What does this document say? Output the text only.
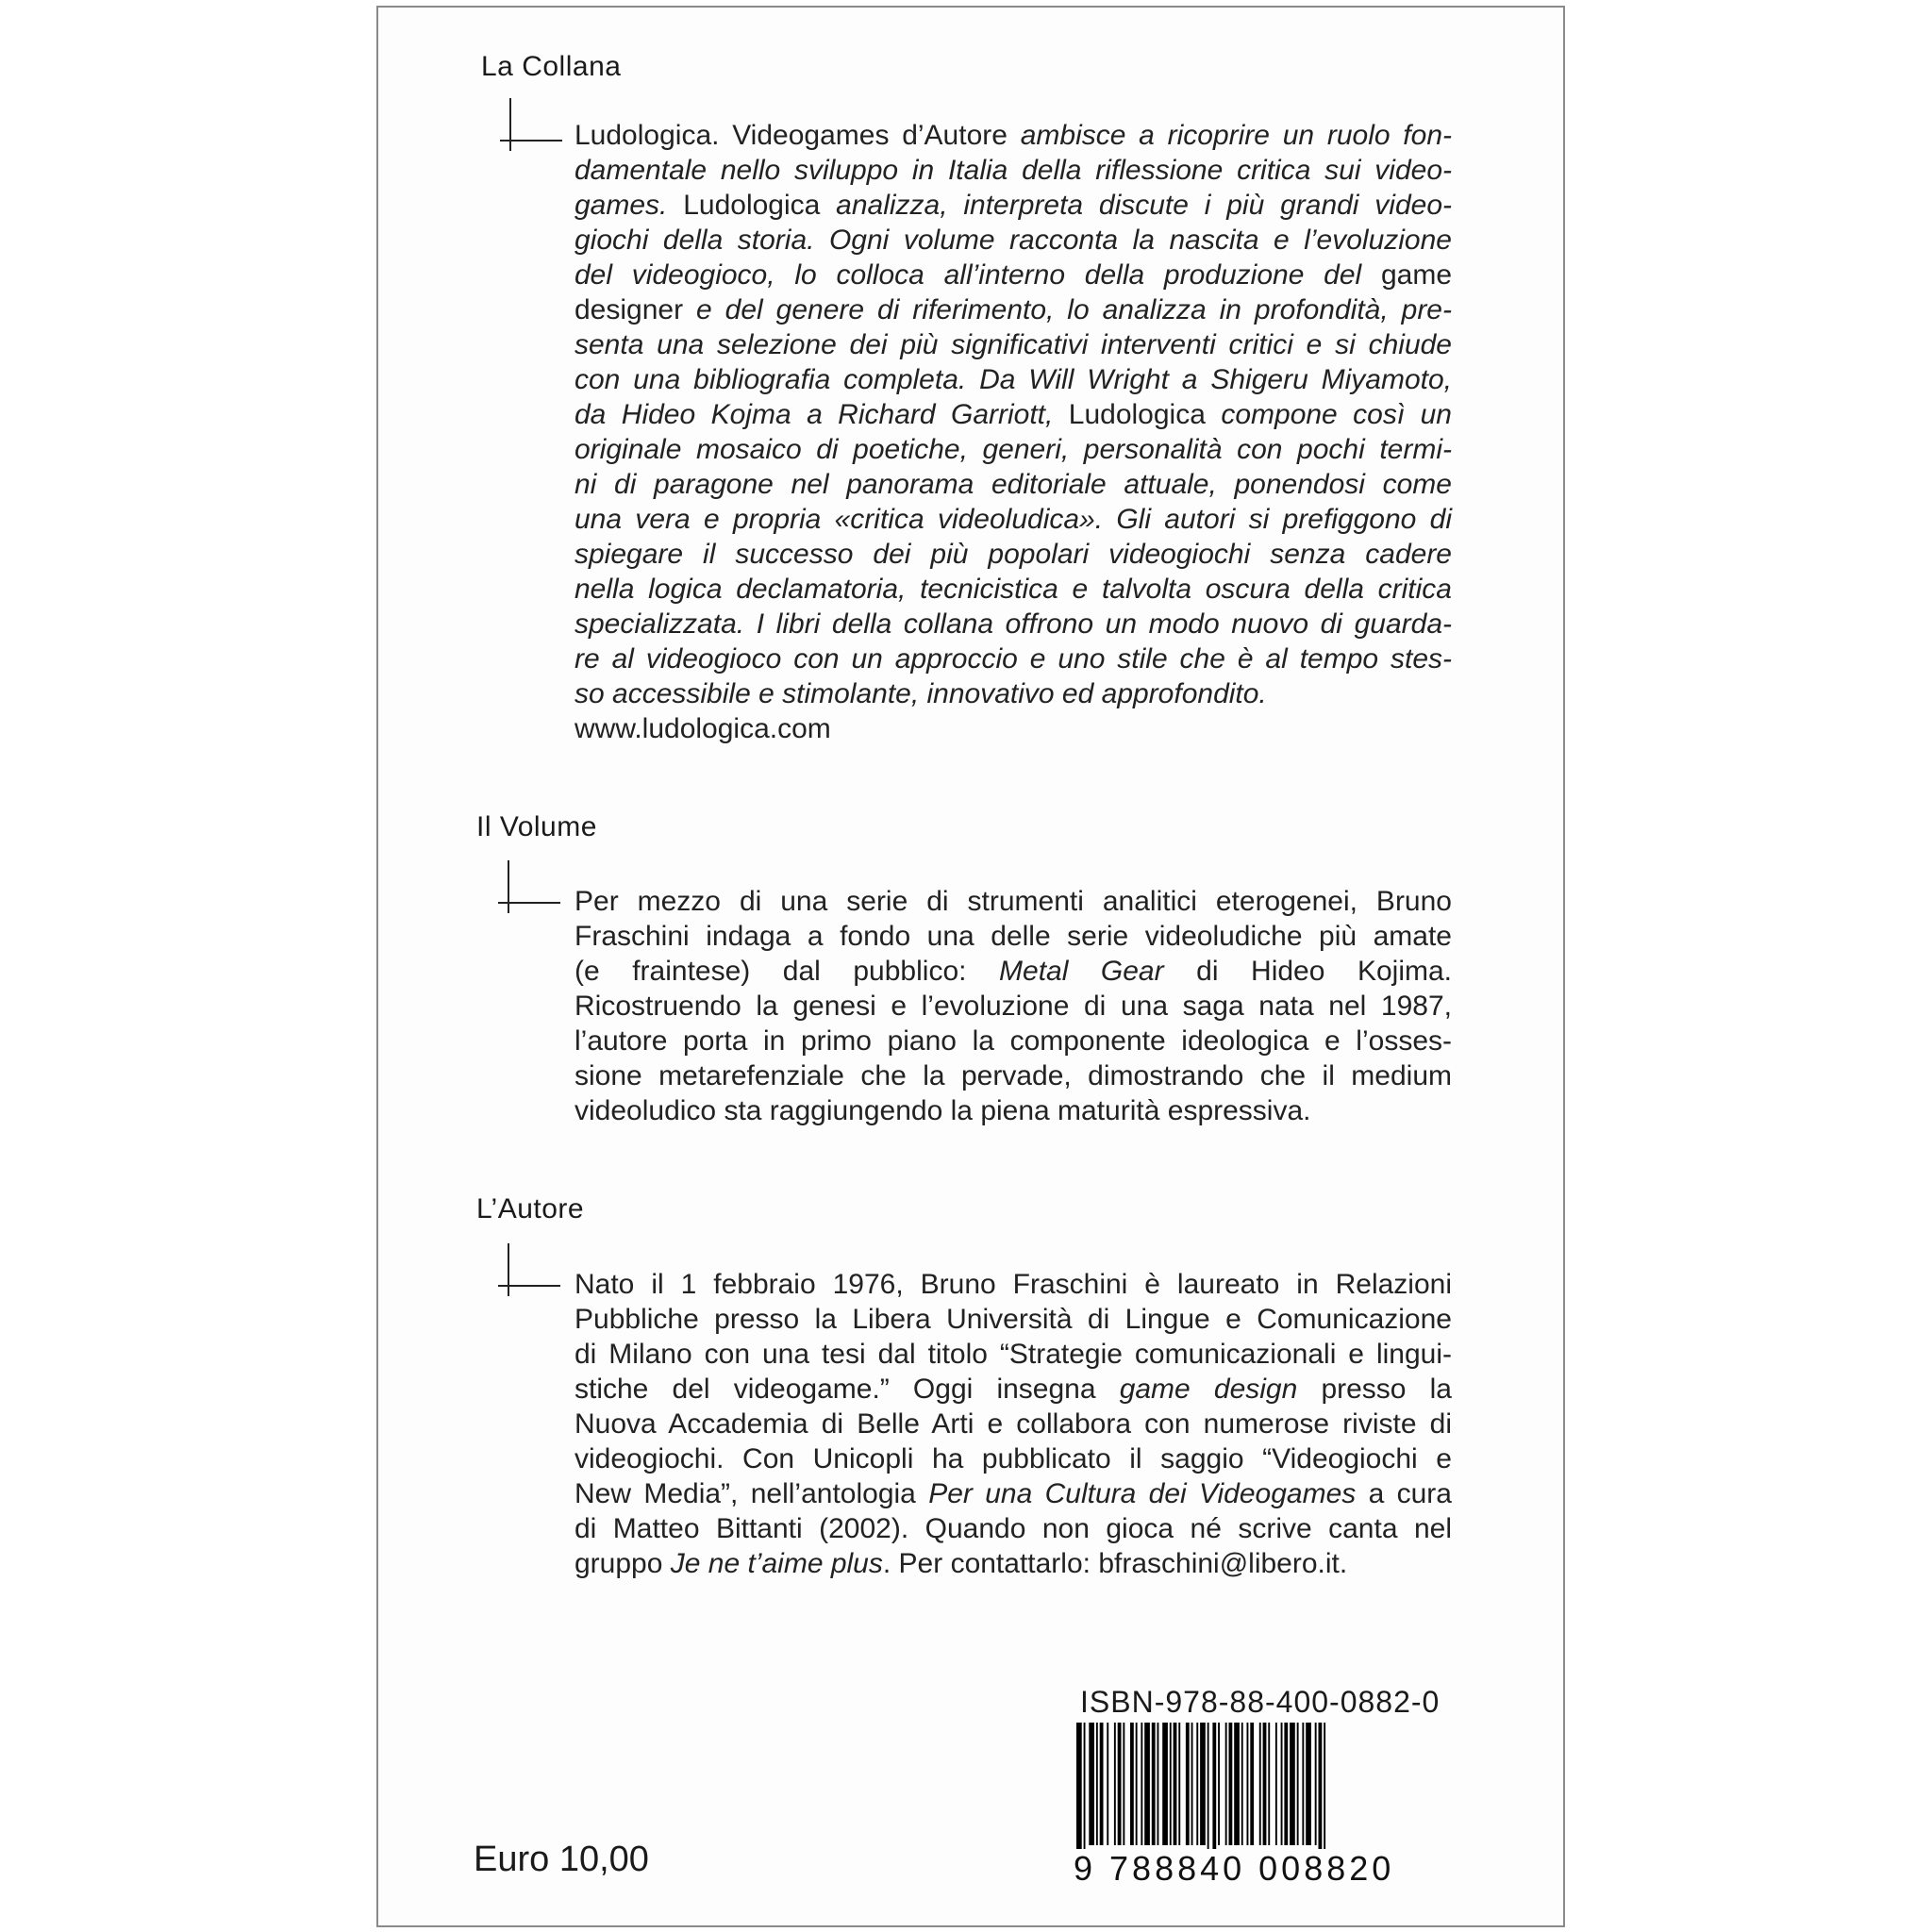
La Collana
Ludologica. Videogames d’Autore ambisce a ricoprire un ruolo fon-
damentale nello sviluppo in Italia della riflessione critica sui video-
games. Ludologica analizza, interpreta discute i più grandi video-
giochi della storia. Ogni volume racconta la nascita e l’evoluzione
del videogioco, lo colloca all’interno della produzione del game
designer e del genere di riferimento, lo analizza in profondità, pre-
senta una selezione dei più significativi interventi critici e si chiude
con una bibliografia completa. Da Will Wright a Shigeru Miyamoto,
da Hideo Kojma a Richard Garriott, Ludologica compone così un
originale mosaico di poetiche, generi, personalità con pochi termi-
ni di paragone nel panorama editoriale attuale, ponendosi come
una vera e propria «critica videoludica». Gli autori si prefiggono di
spiegare il successo dei più popolari videogiochi senza cadere
nella logica declamatoria, tecnicistica e talvolta oscura della critica
specializzata. I libri della collana offrono un modo nuovo di guarda-
re al videogioco con un approccio e uno stile che è al tempo stes-
so accessibile e stimolante, innovativo ed approfondito.
www.ludologica.com
Il Volume
Per mezzo di una serie di strumenti analitici eterogenei, Bruno
Fraschini indaga a fondo una delle serie videoludiche più amate
(e fraintese) dal pubblico: Metal Gear di Hideo Kojima.
Ricostruendo la genesi e l’evoluzione di una saga nata nel 1987,
l’autore porta in primo piano la componente ideologica e l’osses-
sione metarefenziale che la pervade, dimostrando che il medium
videoludico sta raggiungendo la piena maturità espressiva.
L’Autore
Nato il 1 febbraio 1976, Bruno Fraschini è laureato in Relazioni
Pubbliche presso la Libera Università di Lingue e Comunicazione
di Milano con una tesi dal titolo “Strategie comunicazionali e lingui-
stiche del videogame.” Oggi insegna game design presso la
Nuova Accademia di Belle Arti e collabora con numerose riviste di
videogiochi. Con Unicopli ha pubblicato il saggio “Videogiochi e
New Media”, nell’antologia Per una Cultura dei Videogames a cura
di Matteo Bittanti (2002). Quando non gioca né scrive canta nel
gruppo Je ne t’aime plus. Per contattarlo: bfraschini@libero.it.
ISBN-978-88-400-0882-0
9 788840 008820
Euro 10,00
